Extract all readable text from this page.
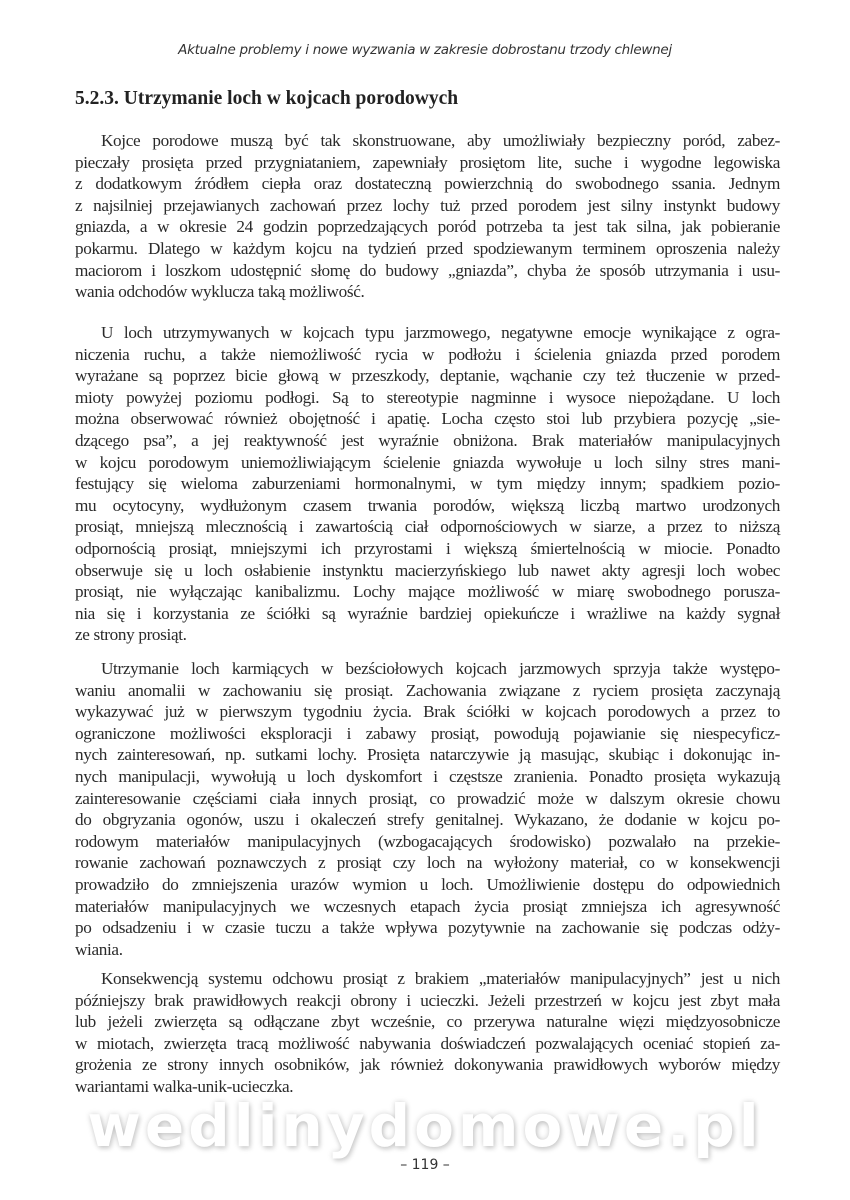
Aktualne problemy i nowe wyzwania w zakresie dobrostanu trzody chlewnej
5.2.3. Utrzymanie loch w kojcach porodowych
Kojce porodowe muszą być tak skonstruowane, aby umożliwiały bezpieczny poród, zabez-
pieczały prosięta przed przygniataniem, zapewniały prosiętom lite, suche i wygodne legowiska
z dodatkowym źródłem ciepła oraz dostateczną powierzchnią do swobodnego ssania. Jednym
z najsilniej przejawianych zachowań przez lochy tuż przed porodem jest silny instynkt budowy
gniazda, a w okresie 24 godzin poprzedzających poród potrzeba ta jest tak silna, jak pobieranie
pokarmu. Dlatego w każdym kojcu na tydzień przed spodziewanym terminem oproszenia należy
maciorom i loszkom udostępnić słomę do budowy „gniazda”, chyba że sposób utrzymania i usu-
wania odchodów wyklucza taką możliwość.
U loch utrzymywanych w kojcach typu jarzmowego, negatywne emocje wynikające z ogra-
niczenia ruchu, a także niemożliwość rycia w podłożu i ścielenia gniazda przed porodem
wyrażane są poprzez bicie głową w przeszkody, deptanie, wąchanie czy też tłuczenie w przed-
mioty powyżej poziomu podłogi. Są to stereotypie nagminne i wysoce niepożądane. U loch
można obserwować również obojętność i apatię. Locha często stoi lub przybiera pozycję „sie-
dzącego psa”, a jej reaktywność jest wyraźnie obniżona. Brak materiałów manipulacyjnych
w kojcu porodowym uniemożliwiającym ścielenie gniazda wywołuje u loch silny stres mani-
festujący się wieloma zaburzeniami hormonalnymi, w tym między innym; spadkiem pozio-
mu ocytocyny, wydłużonym czasem trwania porodów, większą liczbą martwo urodzonych
prosiąt, mniejszą mlecznością i zawartością ciał odpornościowych w siarze, a przez to niższą
odpornością prosiąt, mniejszymi ich przyrostami i większą śmiertelnością w miocie. Ponadto
obserwuje się u loch osłabienie instynktu macierzyńskiego lub nawet akty agresji loch wobec
prosiąt, nie wyłączając kanibalizmu. Lochy mające możliwość w miarę swobodnego porusza-
nia się i korzystania ze ściółki są wyraźnie bardziej opiekuńcze i wrażliwe na każdy sygnał
ze strony prosiąt.
Utrzymanie loch karmiących w bezściołowych kojcach jarzmowych sprzyja także występo-
waniu anomalii w zachowaniu się prosiąt. Zachowania związane z ryciem prosięta zaczynają
wykazywać już w pierwszym tygodniu życia. Brak ściółki w kojcach porodowych a przez to
ograniczone możliwości eksploracji i zabawy prosiąt, powodują pojawianie się niespecyficz-
nych zainteresowań, np. sutkami lochy. Prosięta natarczywie ją masując, skubiąc i dokonując in-
nych manipulacji, wywołują u loch dyskomfort i częstsze zranienia. Ponadto prosięta wykazują
zainteresowanie częściami ciała innych prosiąt, co prowadzić może w dalszym okresie chowu
do obgryzania ogonów, uszu i okaleczeń strefy genitalnej. Wykazano, że dodanie w kojcu po-
rodowym materiałów manipulacyjnych (wzbogacających środowisko) pozwalało na przekie-
rowanie zachowań poznawczych z prosiąt czy loch na wyłożony materiał, co w konsekwencji
prowadziło do zmniejszenia urazów wymion u loch. Umożliwienie dostępu do odpowiednich
materiałów manipulacyjnych we wczesnych etapach życia prosiąt zmniejsza ich agresywność
po odsadzeniu i w czasie tuczu a także wpływa pozytywnie na zachowanie się podczas odży-
wiania.
Konsekwencją systemu odchowu prosiąt z brakiem „materiałów manipulacyjnych” jest u nich
późniejszy brak prawidłowych reakcji obrony i ucieczki. Jeżeli przestrzeń w kojcu jest zbyt mała
lub jeżeli zwierzęta są odłączane zbyt wcześnie, co przerywa naturalne więzi międzyosobnicze
w miotach, zwierzęta tracą możliwość nabywania doświadczeń pozwalających oceniać stopień za-
grożenia ze strony innych osobników, jak również dokonywania prawidłowych wyborów między
wariantami walka-unik-ucieczka.
wedlinydomowe.pl
– 119 –
